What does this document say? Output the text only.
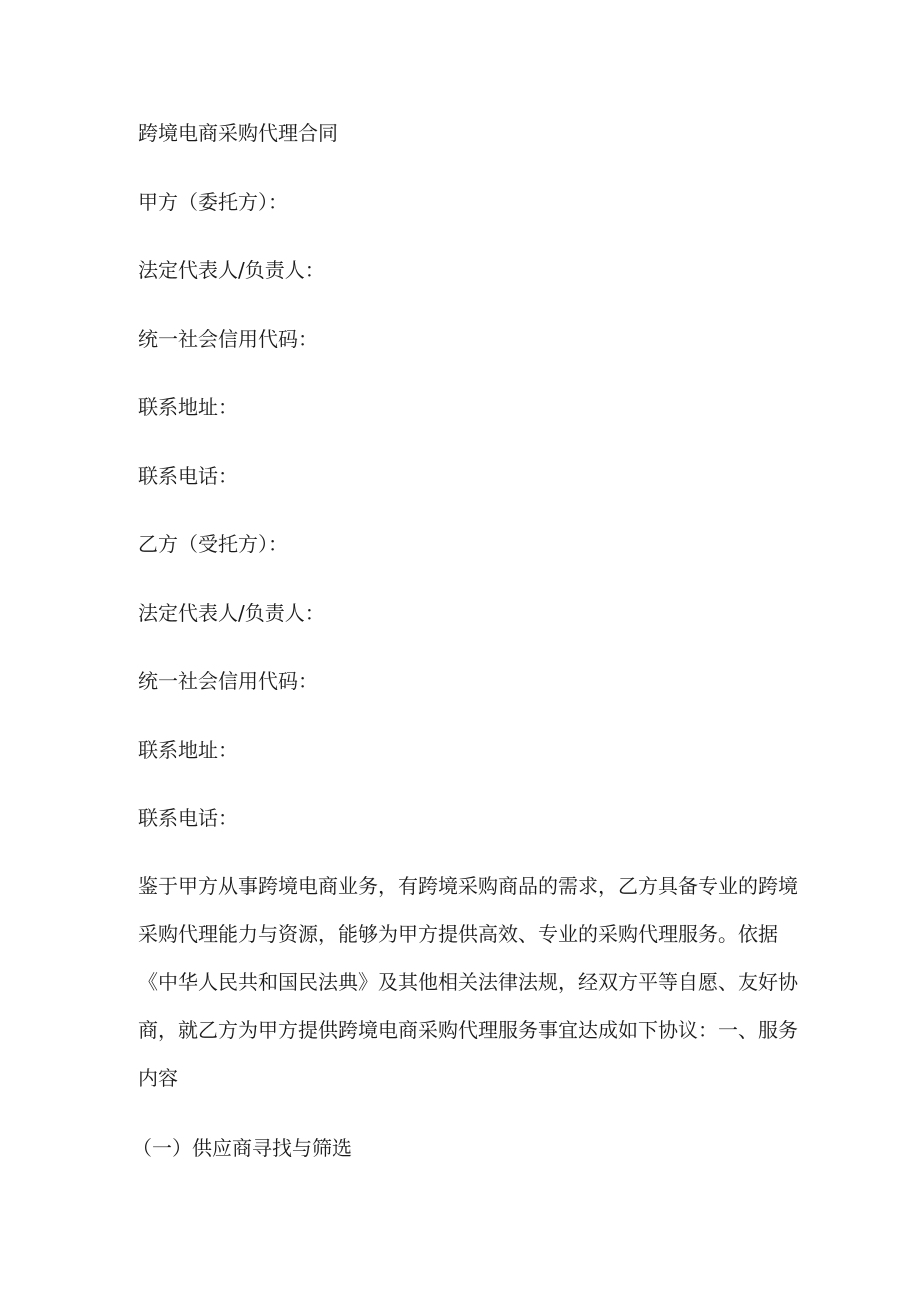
跨境电商采购代理合同
甲方（委托方）：
法定代表人/负责人：
统一社会信用代码：
联系地址：
联系电话：
乙方（受托方）：
法定代表人/负责人：
统一社会信用代码：
联系地址：
联系电话：
鉴于甲方从事跨境电商业务，有跨境采购商品的需求，乙方具备专业的跨境采购代理能力与资源，能够为甲方提供高效、专业的采购代理服务。依据《中华人民共和国民法典》及其他相关法律法规，经双方平等自愿、友好协商，就乙方为甲方提供跨境电商采购代理服务事宜达成如下协议：一、服务内容
（一）供应商寻找与筛选
